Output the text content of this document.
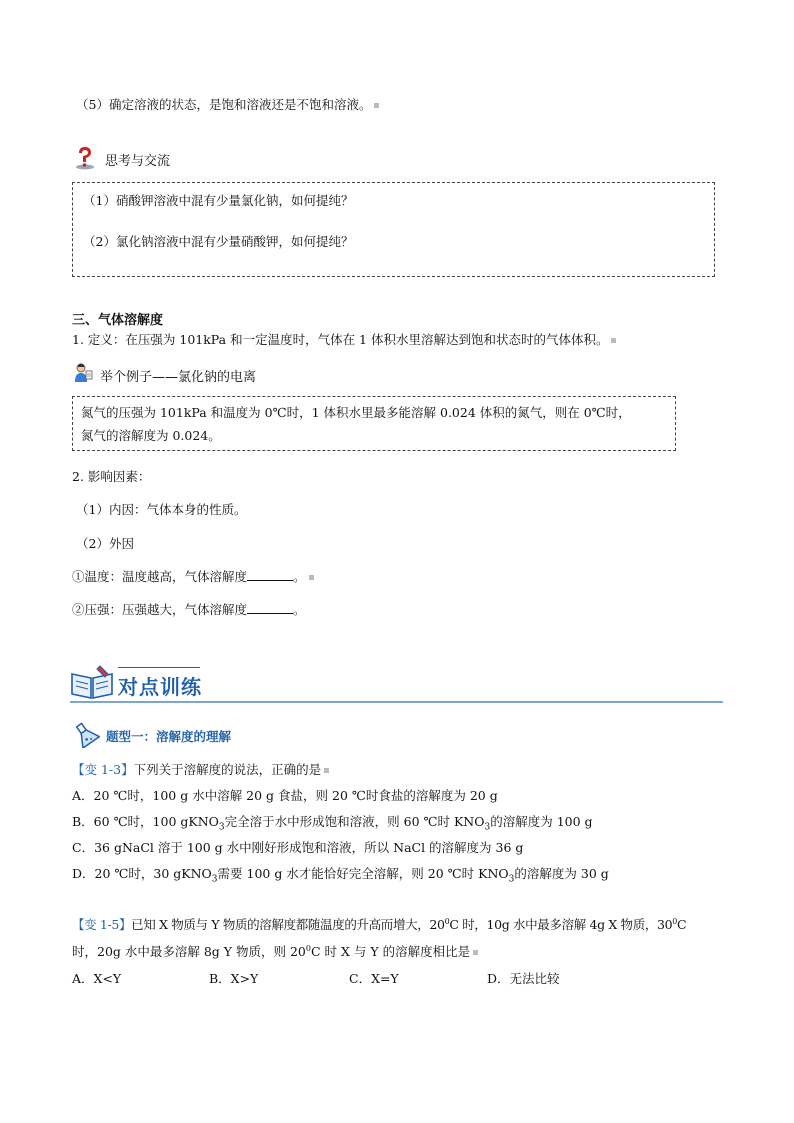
（5）确定溶液的状态，是饱和溶液还是不饱和溶液。
思考与交流
（1）硝酸钾溶液中混有少量氯化钠，如何提纯？
（2）氯化钠溶液中混有少量硝酸钾，如何提纯？
三、气体溶解度
1. 定义：在压强为 101kPa 和一定温度时，气体在 1 体积水里溶解达到饱和状态时的气体体积。
举个例子——氯化钠的电离
氮气的压强为 101kPa 和温度为 0℃时，1 体积水里最多能溶解 0.024 体积的氮气，则在 0℃时，
氮气的溶解度为 0.024。
2. 影响因素：
（1）内因：气体本身的性质。
（2）外因
①温度：温度越高，气体溶解度	。
②压强：压强越大，气体溶解度	。
对点训练
题型一：溶解度的理解
【变 1-3】下列关于溶解度的说法，正确的是
A．20 ℃时，100 g 水中溶解 20 g 食盐，则 20 ℃时食盐的溶解度为 20 g
B．60 ℃时，100 gKNO$_3$完全溶于水中形成饱和溶液，则 60 ℃时 $KNO_3$的溶解度为 100 g
C．36 gNaCl 溶于 100 g 水中刚好形成饱和溶液，所以 NaCl 的溶解度为 36 g
D．20 ℃时，30 gKNO$_3$需要 100 g 水才能恰好完全溶解，则 20 ℃时 $KNO_3$的溶解度为 30 g
【变 1-5】已知 X 物质与 Y 物质的溶解度都随温度的升高而增大，$20^0C$ 时，10g 水中最多溶解 4g X 物质，$30^0C$
时，20g 水中最多溶解 8g Y 物质，则 $20^0C$ 时 X 与 Y 的溶解度相比是
A．X<Y	B．X>Y	C．X=Y	D．无法比较
